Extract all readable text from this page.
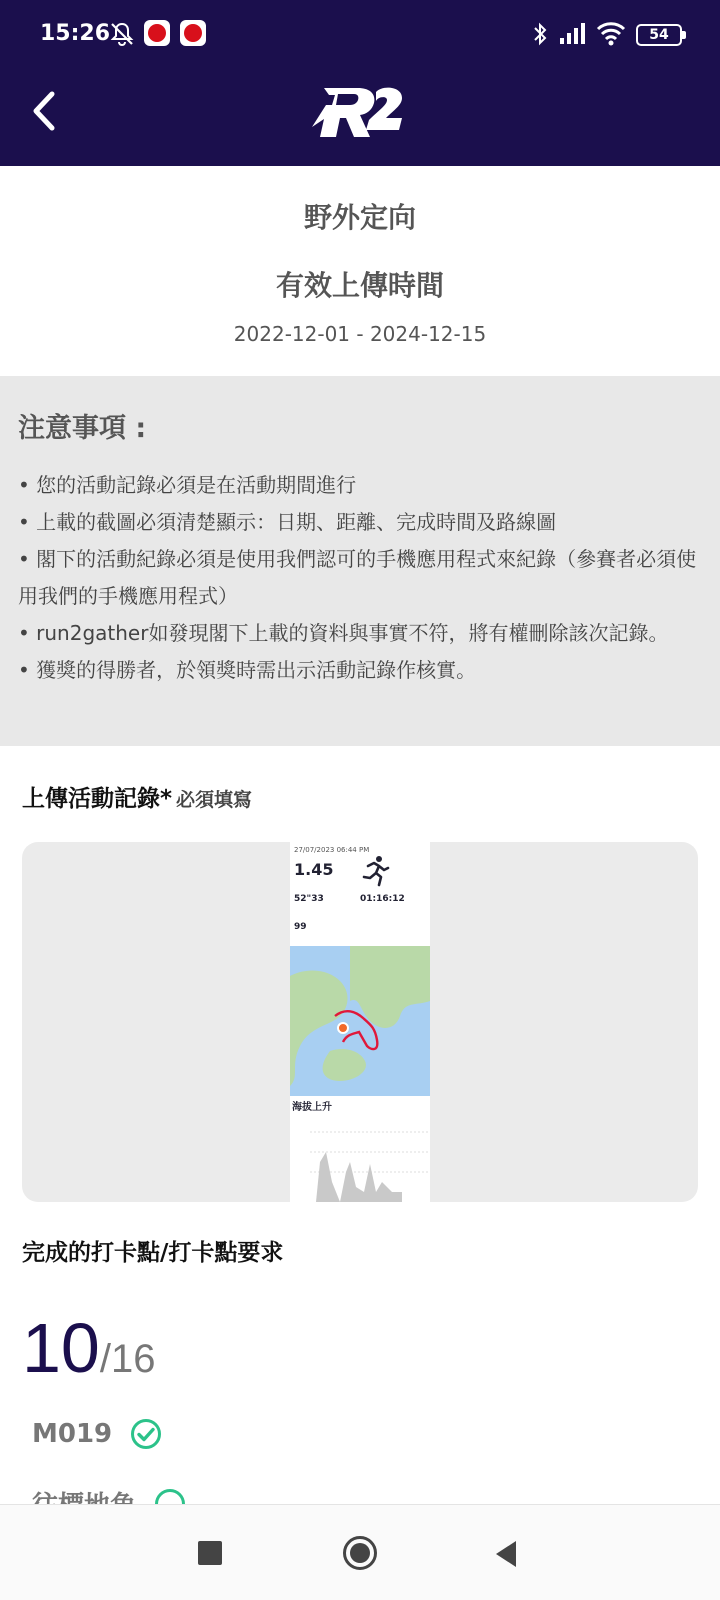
15:26	54
野外定向
有效上傳時間
2022-12-01 - 2024-12-15
注意事項 :
• 您的活動記錄必須是在活動期間進行
• 上載的截圖必須清楚顯示：日期、距離、完成時間及路線圖
• 閣下的活動紀錄必須是使用我們認可的手機應用程式來紀錄（參賽者必須使用我們的手機應用程式）
• run2gather如發現閣下上載的資料與事實不符，將有權刪除該次記錄。
• 獲獎的得勝者，於領獎時需出示活動記錄作核實。
上傳活動記錄* 必須填寫
27/07/2023 06:44 PM
1.45
52"33	01:16:12
99
海拔上升
完成的打卡點/打卡點要求
10/16
M019
